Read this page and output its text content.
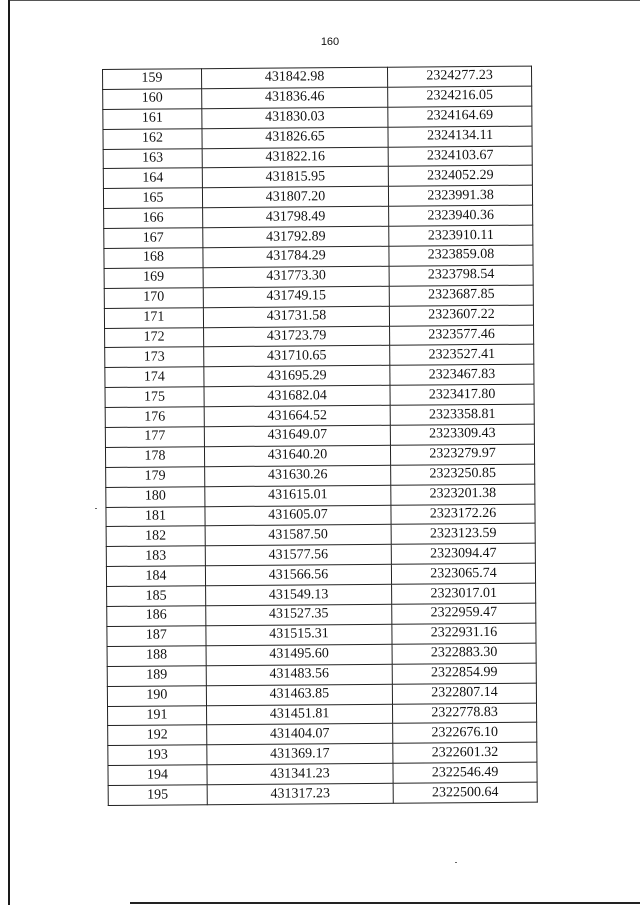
160
159	431842.98	2324277.23
160	431836.46	2324216.05
161	431830.03	2324164.69
162	431826.65	2324134.11
163	431822.16	2324103.67
164	431815.95	2324052.29
165	431807.20	2323991.38
166	431798.49	2323940.36
167	431792.89	2323910.11
168	431784.29	2323859.08
169	431773.30	2323798.54
170	431749.15	2323687.85
171	431731.58	2323607.22
172	431723.79	2323577.46
173	431710.65	2323527.41
174	431695.29	2323467.83
175	431682.04	2323417.80
176	431664.52	2323358.81
177	431649.07	2323309.43
178	431640.20	2323279.97
179	431630.26	2323250.85
180	431615.01	2323201.38
181	431605.07	2323172.26
182	431587.50	2323123.59
183	431577.56	2323094.47
184	431566.56	2323065.74
185	431549.13	2323017.01
186	431527.35	2322959.47
187	431515.31	2322931.16
188	431495.60	2322883.30
189	431483.56	2322854.99
190	431463.85	2322807.14
191	431451.81	2322778.83
192	431404.07	2322676.10
193	431369.17	2322601.32
194	431341.23	2322546.49
195	431317.23	2322500.64
